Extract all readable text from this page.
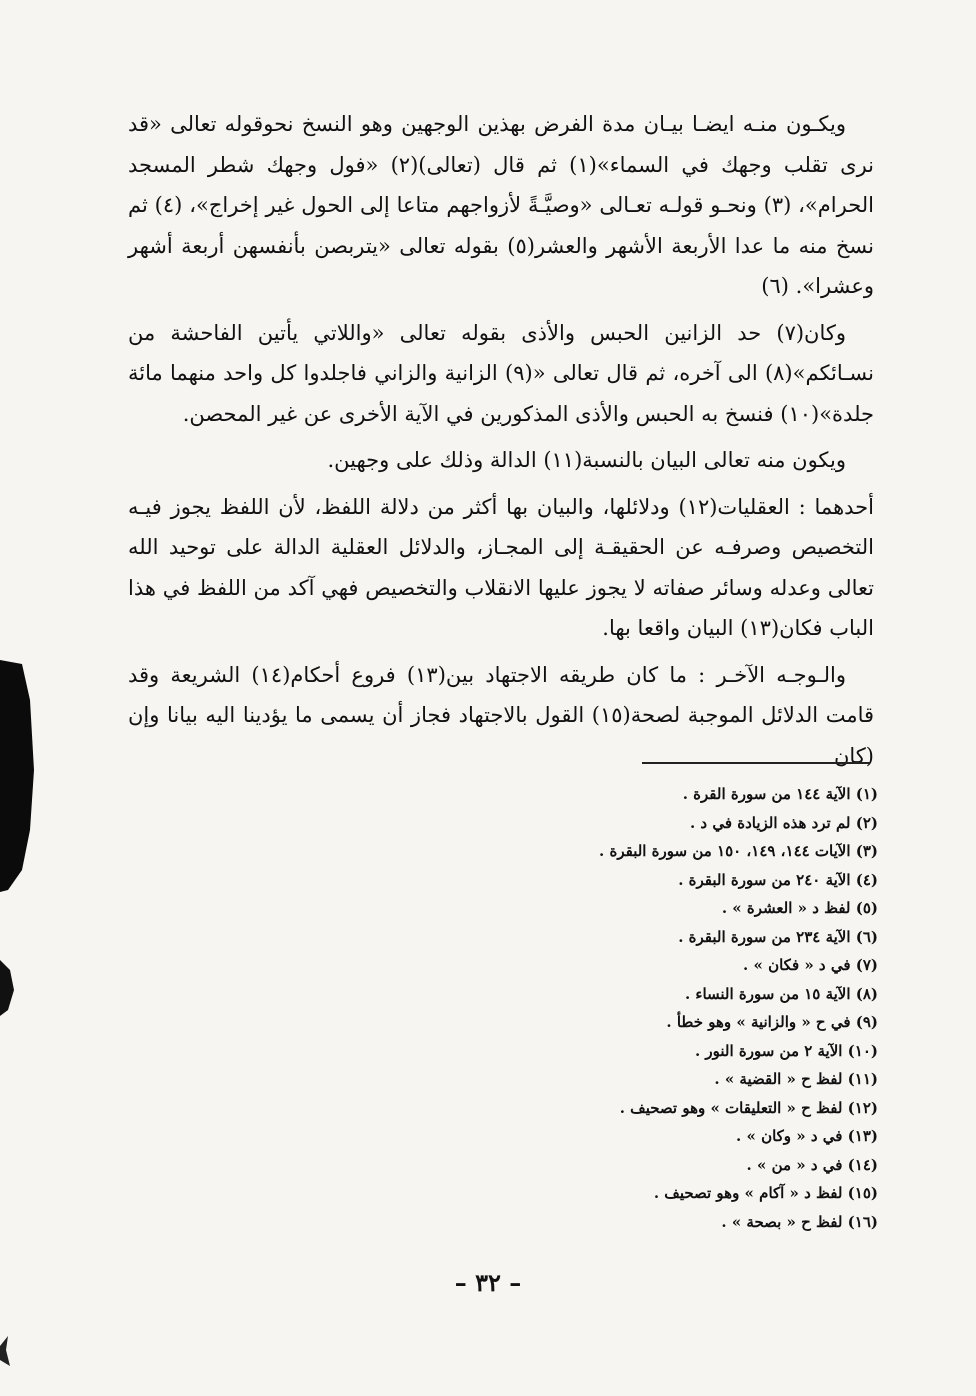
ويكـون منـه ايضـا بيـان مدة الفرض بهذين الوجهين وهو النسخ نحوقوله تعالى «قد نرى تقلب وجهك في السماء»(١) ثم قال (تعالى)(٢) «فول وجهك شطر المسجد الحرام»، (٣) ونحـو قولـه تعـالى «وصيَّـةً لأزواجهم متاعا إلى الحول غير إخراج»، (٤) ثم نسخ منه ما عدا الأربعة الأشهر والعشر(٥) بقوله تعالى «يتربصن بأنفسهن أربعة أشهر وعشرا». (٦)

وكان(٧) حد الزانين الحبس والأذى بقوله تعالى «واللاتي يأتين الفاحشة من نسـائكم»(٨) الى آخره، ثم قال تعالى «(٩) الزانية والزاني فاجلدوا كل واحد منهما مائة جلدة»(١٠) فنسخ به الحبس والأذى المذكورين في الآية الأخرى عن غير المحصن.

ويكون منه تعالى البيان بالنسبة(١١) الدالة وذلك على وجهين.

أحدهما : العقليات(١٢) ودلائلها، والبيان بها أكثر من دلالة اللفظ، لأن اللفظ يجوز فيـه التخصيص وصرفـه عن الحقيقـة إلى المجـاز، والدلائل العقلية الدالة على توحيد الله تعالى وعدله وسائر صفاته لا يجوز عليها الانقلاب والتخصيص فهي آكد من اللفظ في هذا الباب فكان(١٣) البيان واقعا بها.

والـوجـه الآخـر : ما كان طريقه الاجتهاد بين(١٣) فروع أحكام(١٤) الشريعة وقد قامت الدلائل الموجبة لصحة(١٥) القول بالاجتهاد فجاز أن يسمى ما يؤدينا اليه بيانا وإن (كان

(١) الآية ١٤٤ من سورة القرة .
(٢) لم ترد هذه الزيادة في د .
(٣) الآيات ١٤٤، ١٤٩، ١٥٠ من سورة البقرة .
(٤) الآية ٢٤٠ من سورة البقرة .
(٥) لفظ د « العشرة » .
(٦) الآية ٢٣٤ من سورة البقرة .
(٧) في د « فكان » .
(٨) الآية ١٥ من سورة النساء .
(٩) في ح « والزانية » وهو خطأ .
(١٠) الآية ٢ من سورة النور .
(١١) لفظ ح « القضية » .
(١٢) لفظ ح « التعليقات » وهو تصحيف .
(١٣) في د « وكان » .
(١٤) في د « من » .
(١٥) لفظ د « آكام » وهو تصحيف .
(١٦) لفظ ح « بصحة » .
– ٣٢ –
